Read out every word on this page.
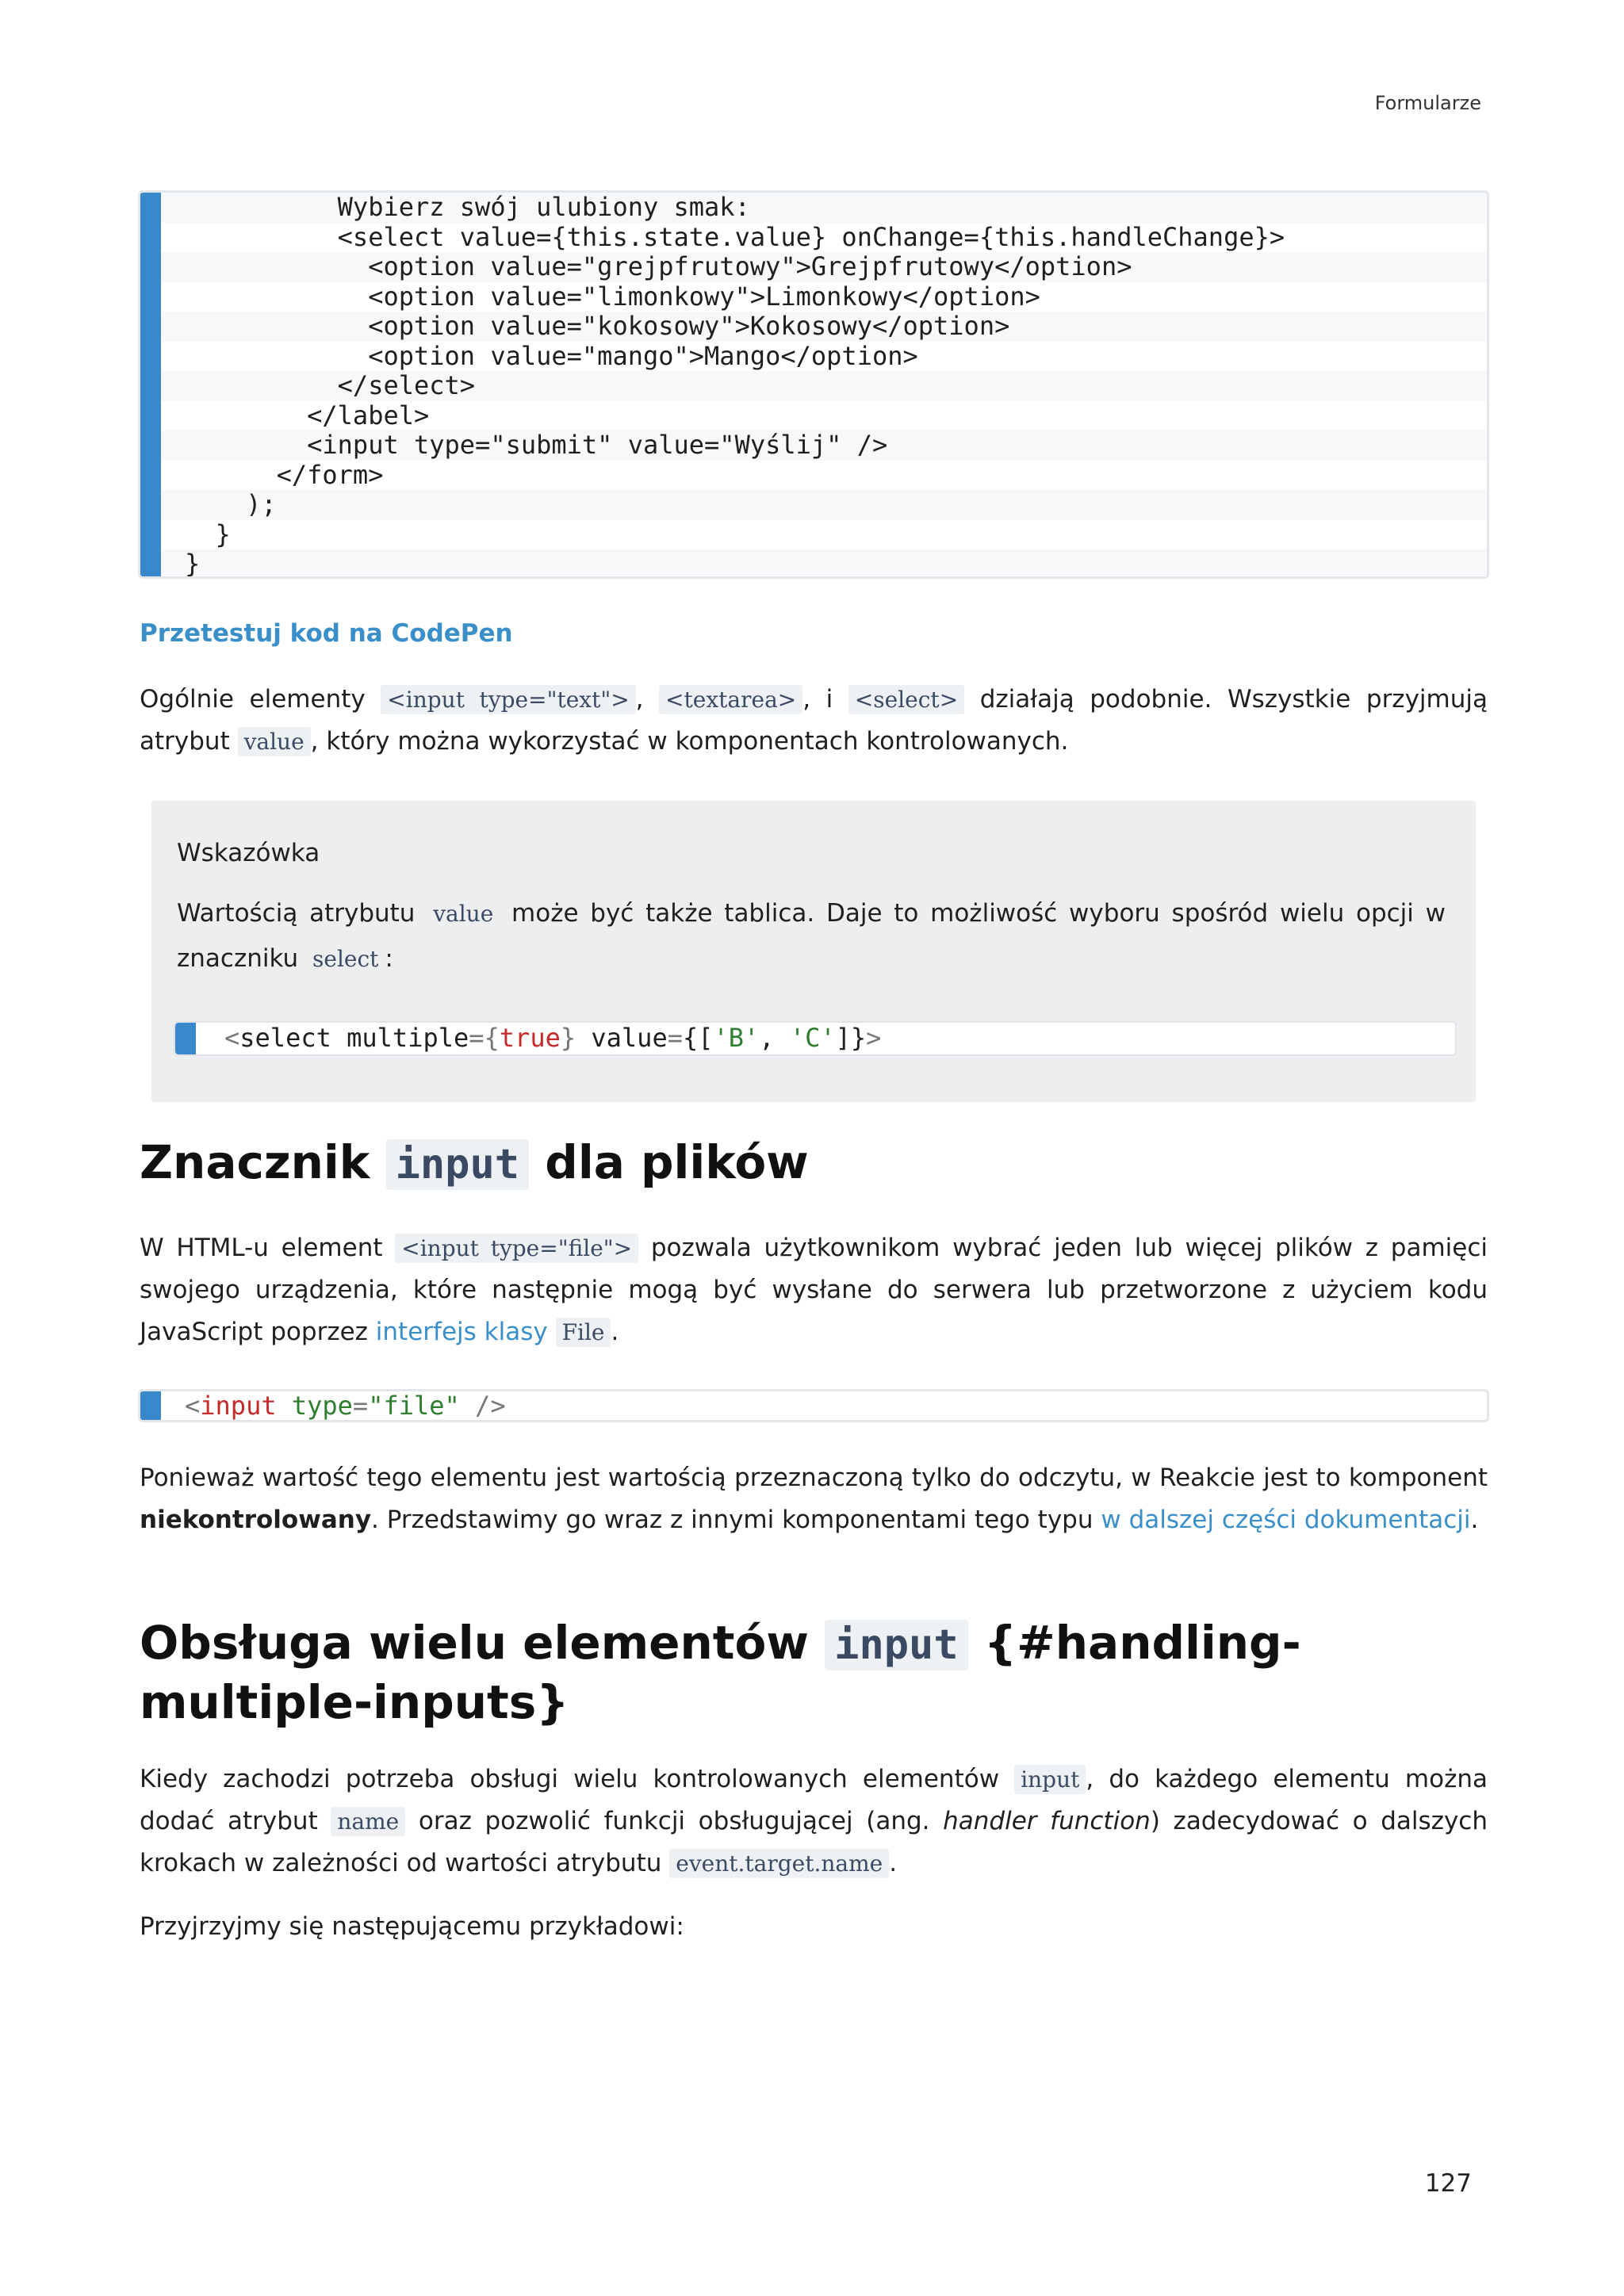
Formularze
Wybierz swój ulubiony smak:
<select value={this.state.value} onChange={this.handleChange}>
<option value="grejpfrutowy">Grejpfrutowy</option>
<option value="limonkowy">Limonkowy</option>
<option value="kokosowy">Kokosowy</option>
<option value="mango">Mango</option>
</select>
</label>
<input type="submit" value="Wyślij" />
</form>
);
}
}
Przetestuj kod na CodePen

Ogólnie elementy <input type="text"> , <textarea> , i <select> działają podobnie. Wszystkie przyjmują atrybut value , który można wykorzystać w komponentach kontrolowanych.

Wskazówka

Wartością atrybutu value może być także tablica. Daje to możliwość wyboru spośród wielu opcji w znaczniku select :

<select multiple={true} value={['B', 'C']}>
Znacznik input dla plików

W HTML-u element <input type="file"> pozwala użytkownikom wybrać jeden lub więcej plików z pamięci swojego urządzenia, które następnie mogą być wysłane do serwera lub przetworzone z użyciem kodu JavaScript poprzez interfejs klasy File .

<input type="file" />

Ponieważ wartość tego elementu jest wartością przeznaczoną tylko do odczytu, w Reakcie jest to komponent niekontrolowany. Przedstawimy go wraz z innymi komponentami tego typu w dalszej części dokumentacji.

Obsługa wielu elementów input {#handling-multiple-inputs}

Kiedy zachodzi potrzeba obsługi wielu kontrolowanych elementów input , do każdego elementu można dodać atrybut name oraz pozwolić funkcji obsługującej (ang. handler function) zadecydować o dalszych krokach w zależności od wartości atrybutu event.target.name .

Przyjrzyjmy się następującemu przykładowi:

127
